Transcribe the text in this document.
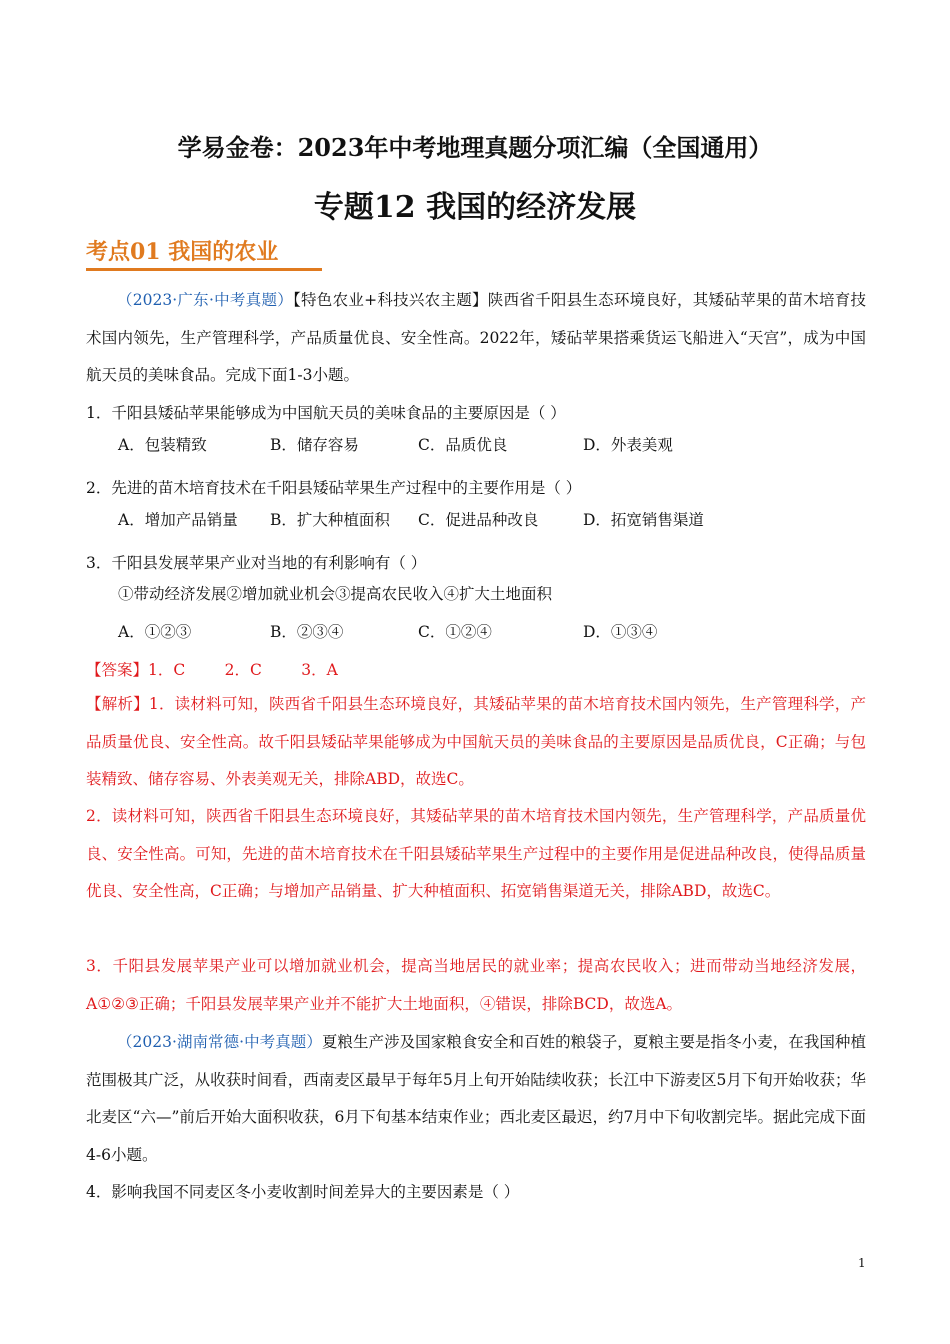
学易金卷：2023年中考地理真题分项汇编（全国通用）
专题12 我国的经济发展
考点01 我国的农业
（2023·广东·中考真题）【特色农业+科技兴农主题】陕西省千阳县生态环境良好，其矮砧苹果的苗木培育技术国内领先，生产管理科学，产品质量优良、安全性高。2022年，矮砧苹果搭乘货运飞船进入“天宫”，成为中国航天员的美味食品。完成下面1-3小题。
1．千阳县矮砧苹果能够成为中国航天员的美味食品的主要原因是（ ）
A．包装精致	B．储存容易	C．品质优良	D．外表美观
2．先进的苗木培育技术在千阳县矮砧苹果生产过程中的主要作用是（ ）
A．增加产品销量 B．扩大种植面积 C．促进品种改良	D．拓宽销售渠道
3．千阳县发展苹果产业对当地的有利影响有（ ）
①带动经济发展②增加就业机会③提高农民收入④扩大土地面积
A．①②③	B．②③④	C．①②④	D．①③④
【答案】1．C        2．C        3．A
【解析】1．读材料可知，陕西省千阳县生态环境良好，其矮砧苹果的苗木培育技术国内领先，生产管理科学，产品质量优良、安全性高。故千阳县矮砧苹果能够成为中国航天员的美味食品的主要原因是品质优良，C正确；与包装精致、储存容易、外表美观无关，排除ABD，故选C。
2．读材料可知，陕西省千阳县生态环境良好，其矮砧苹果的苗木培育技术国内领先，生产管理科学，产品质量优良、安全性高。可知，先进的苗木培育技术在千阳县矮砧苹果生产过程中的主要作用是促进品种改良，使得品质量优良、安全性高，C正确；与增加产品销量、扩大种植面积、拓宽销售渠道无关，排除ABD，故选C。
3．千阳县发展苹果产业可以增加就业机会，提高当地居民的就业率；提高农民收入；进而带动当地经济发展，A①②③正确；千阳县发展苹果产业并不能扩大土地面积，④错误，排除BCD，故选A。
（2023·湖南常德·中考真题）夏粮生产涉及国家粮食安全和百姓的粮袋子，夏粮主要是指冬小麦，在我国种植范围极其广泛，从收获时间看，西南麦区最早于每年5月上旬开始陆续收获；长江中下游麦区5月下旬开始收获；华北麦区“六—”前后开始大面积收获，6月下旬基本结束作业；西北麦区最迟，约7月中下旬收割完毕。据此完成下面4-6小题。
4．影响我国不同麦区冬小麦收割时间差异大的主要因素是（ ）
1
